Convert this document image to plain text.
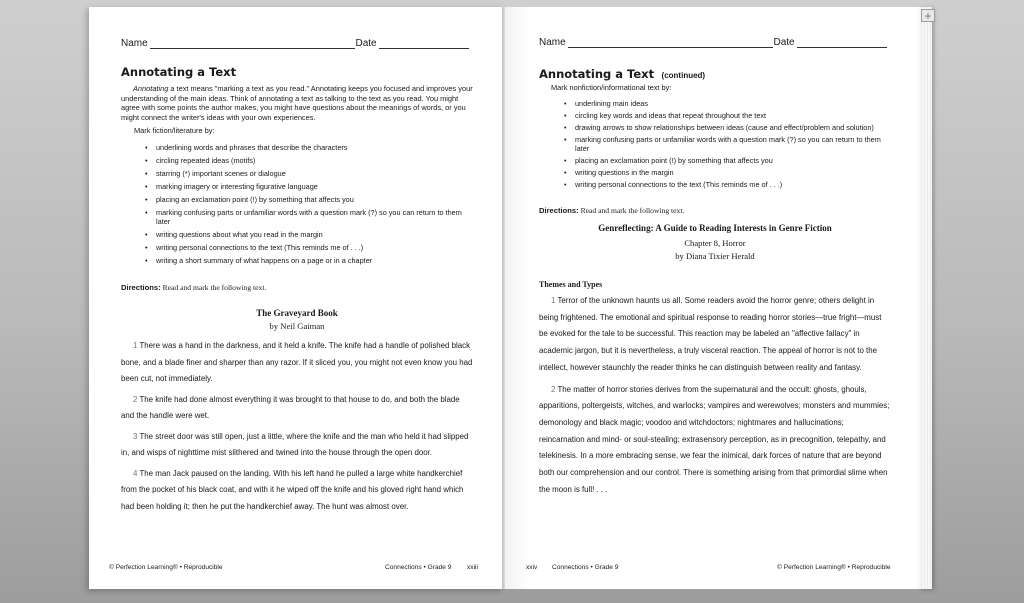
Name	Date
Annotating a Text
Annotating a text means "marking a text as you read." Annotating keeps you focused and improves your understanding of the main ideas. Think of annotating a text as talking to the text as you read. You might agree with some points the author makes, you might have questions about the meanings of words, or you might connect the writer's ideas with your own experiences.
Mark fiction/literature by:
• underlining words and phrases that describe the characters
• circling repeated ideas (motifs)
• starring (*) important scenes or dialogue
• marking imagery or interesting figurative language
• placing an exclamation point (!) by something that affects you
• marking confusing parts or unfamiliar words with a question mark (?) so you can return to them later
• writing questions about what you read in the margin
• writing personal connections to the text (This reminds me of . . .)
• writing a short summary of what happens on a page or in a chapter
Directions: Read and mark the following text.
The Graveyard Book
by Neil Gaiman
1 There was a hand in the darkness, and it held a knife. The knife had a handle of polished black bone, and a blade finer and sharper than any razor. If it sliced you, you might not even know you had been cut, not immediately.
2 The knife had done almost everything it was brought to that house to do, and both the blade and the handle were wet.
3 The street door was still open, just a little, where the knife and the man who held it had slipped in, and wisps of nighttime mist slithered and twined into the house through the open door.
4 The man Jack paused on the landing. With his left hand he pulled a large white handkerchief from the pocket of his black coat, and with it he wiped off the knife and his gloved right hand which had been holding it; then he put the handkerchief away. The hunt was almost over.
© Perfection Learning® • Reproducible	Connections • Grade 9 xxiii
Name	Date
Annotating a Text (continued)
Mark nonfiction/informational text by:
• underlining main ideas
• circling key words and ideas that repeat throughout the text
• drawing arrows to show relationships between ideas (cause and effect/problem and solution)
• marking confusing parts or unfamiliar words with a question mark (?) so you can return to them later
• placing an exclamation point (!) by something that affects you
• writing questions in the margin
• writing personal connections to the text (This reminds me of . . .)
Directions: Read and mark the following text.
Genreflecting: A Guide to Reading Interests in Genre Fiction
Chapter 8, Horror
by Diana Tixier Herald
Themes and Types
1 Terror of the unknown haunts us all. Some readers avoid the horror genre; others delight in being frightened. The emotional and spiritual response to reading horror stories—true fright—must be evoked for the tale to be successful. This reaction may be labeled an "affective fallacy" in academic jargon, but it is nevertheless, a truly visceral reaction. The appeal of horror is not to the intellect, however staunchly the reader thinks he can distinguish between reality and fantasy.
2 The matter of horror stories derives from the supernatural and the occult: ghosts, ghouls, apparitions, poltergeists, witches, and warlocks; vampires and werewolves; monsters and mummies; demonology and black magic; voodoo and witchdoctors; nightmares and hallucinations; reincarnation and mind- or soul-stealing; extrasensory perception, as in precognition, telepathy, and telekinesis. In a more embracing sense, we fear the inimical, dark forces of nature that are beyond both our comprehension and our control. There is something arising from that primordial slime when the moon is full! . . .
xxiv Connections • Grade 9	© Perfection Learning® • Reproducible
+
